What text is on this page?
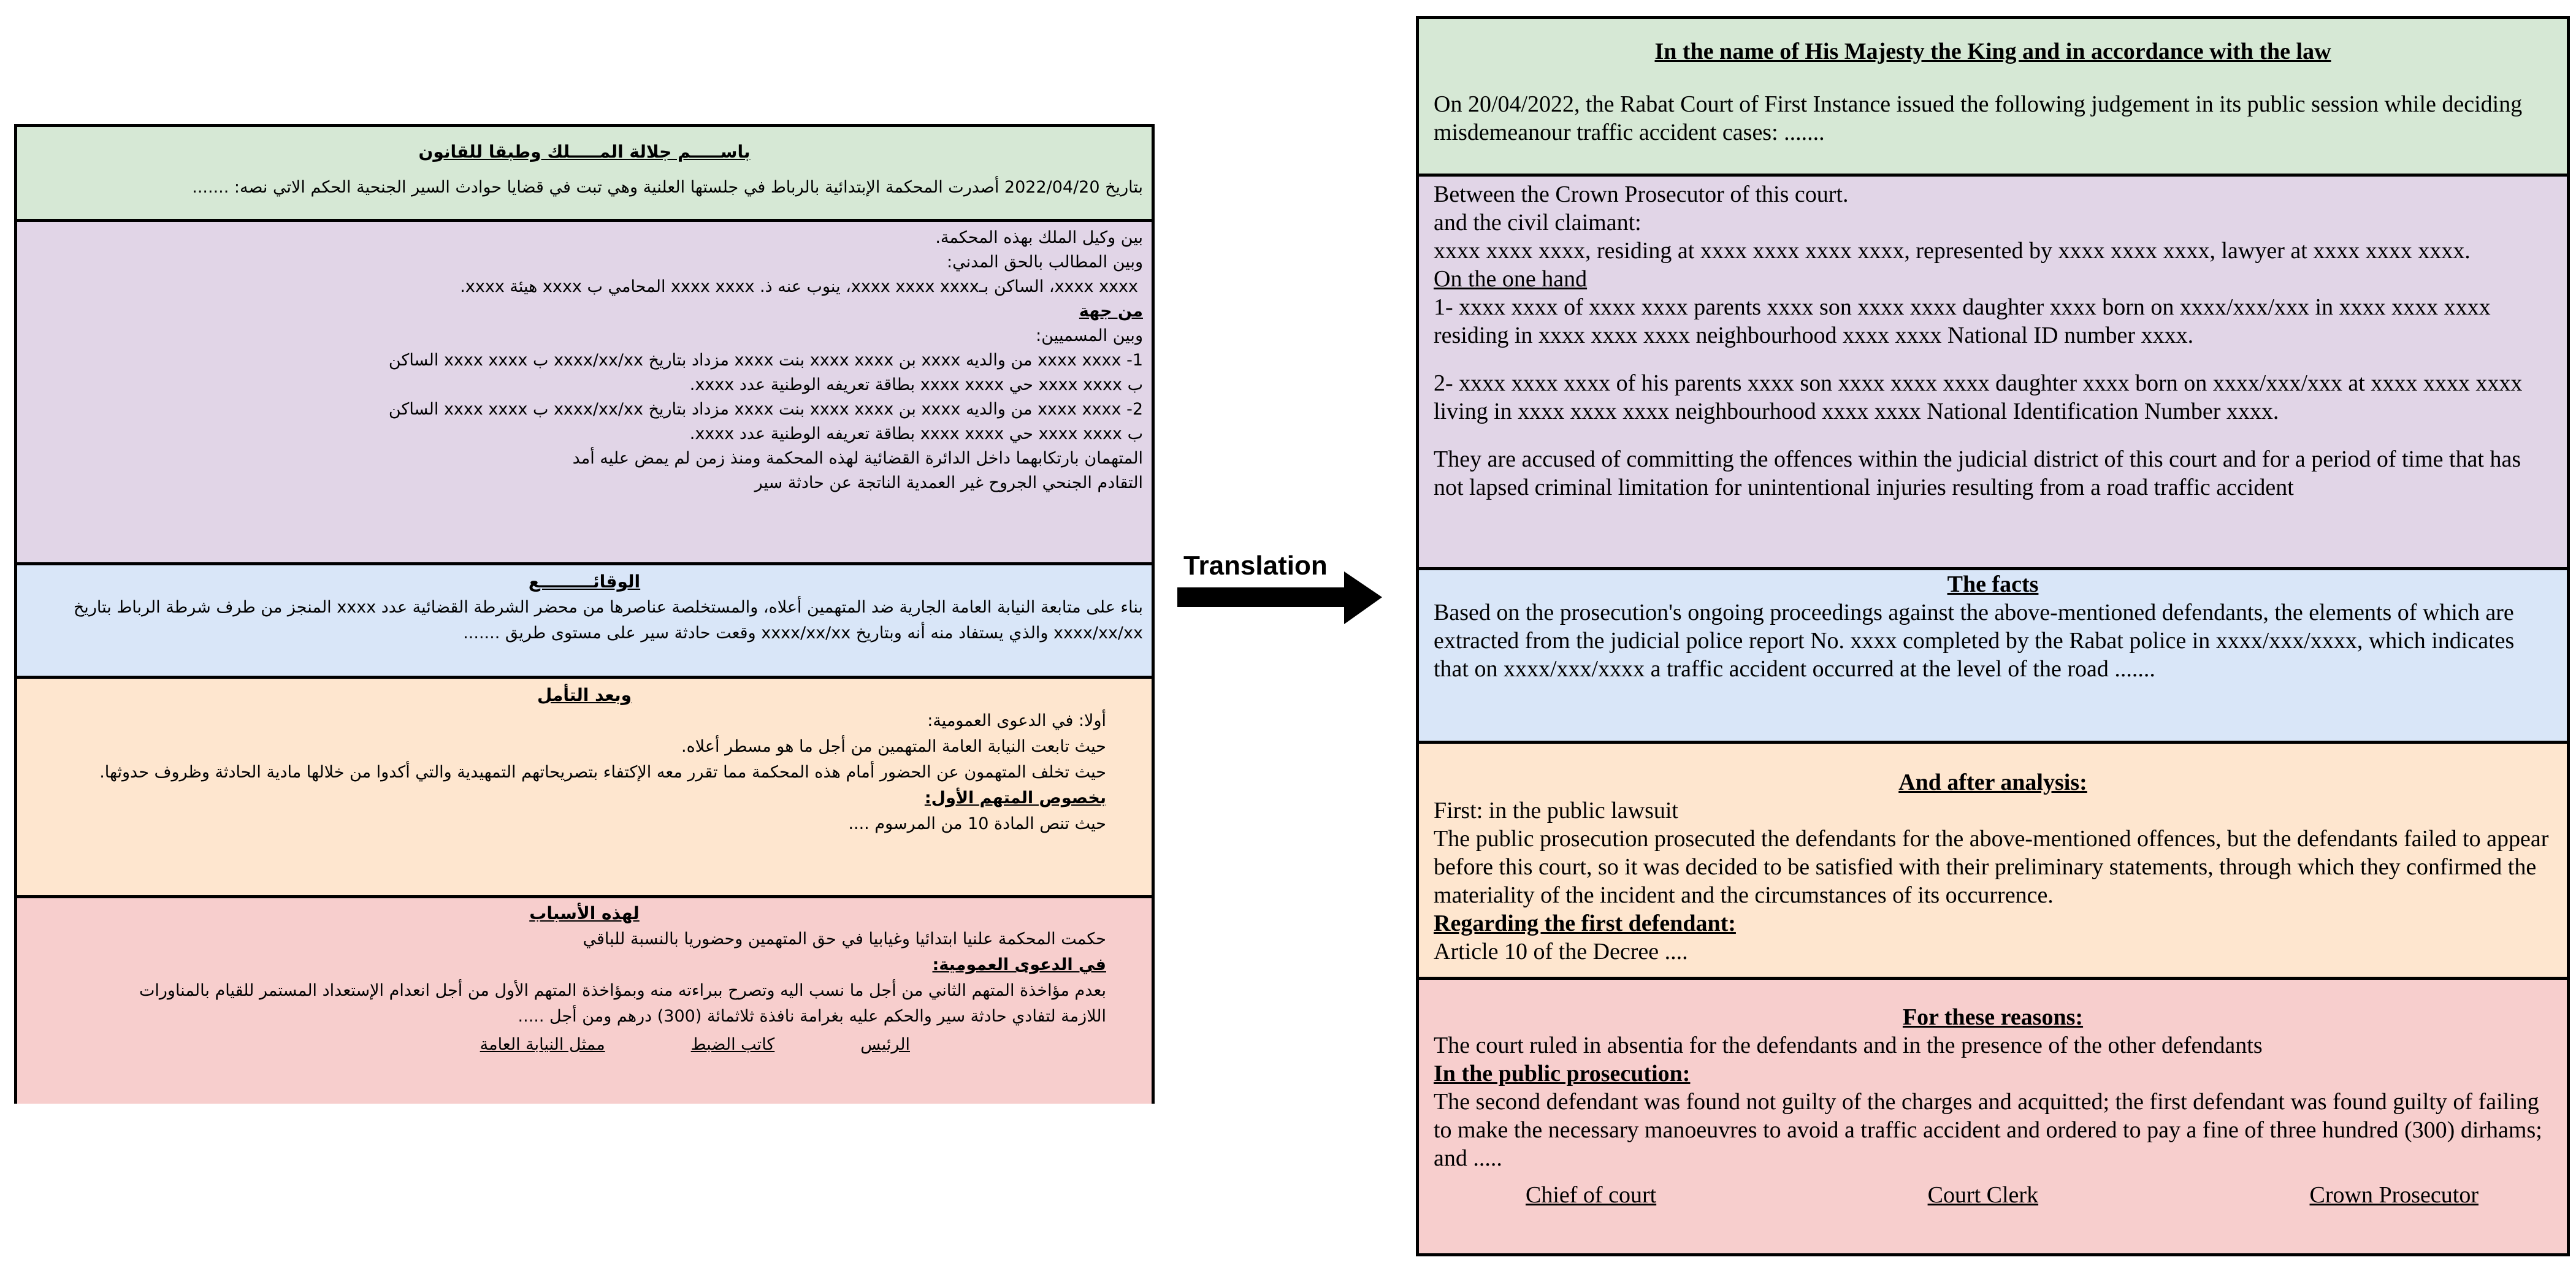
باســـــم جلالة المـــــلك وطبقا للقانون
بتاريخ 2022/04/20 أصدرت المحكمة الإبتدائية بالرباط في جلستها العلنية وهي تبت في قضايا حوادث السير الجنحية الحكم الاتي نصه: .......
بين وكيل الملك بهذه المحكمة.
وبين المطالب بالحق المدني:
xxxx xxxx، الساكن بـxxxx xxxx xxxx، ينوب عنه ذ. xxxx xxxx المحامي ب xxxx هيئة xxxx.
من جهة
وبين المسميين:
1- xxxx xxxx من والديه xxxx بن xxxx xxxx بنت xxxx مزداد بتاريخ xxxx/xx/xx ب xxxx xxxx الساكن
ب xxxx xxxx حي xxxx xxxx بطاقة تعريفه الوطنية عدد xxxx.
2- xxxx xxxx من والديه xxxx بن xxxx xxxx بنت xxxx مزداد بتاريخ xxxx/xx/xx ب xxxx xxxx الساكن
ب xxxx xxxx حي xxxx xxxx بطاقة تعريفه الوطنية عدد xxxx.
المتهمان بارتكابهما داخل الدائرة القضائية لهذه المحكمة ومنذ زمن لم يمض عليه أمد
التقادم الجنحي الجروح غير العمدية الناتجة عن حادثة سير
الوقائـــــــــع
بناء على متابعة النيابة العامة الجارية ضد المتهمين أعلاه، والمستخلصة عناصرها من محضر الشرطة القضائية عدد xxxx المنجز من طرف شرطة الرباط بتاريخ xxxx/xx/xx والذي يستفاد منه أنه وبتاريخ xxxx/xx/xx وقعت حادثة سير على مستوى طريق .......
وبعد التأمل
أولا: في الدعوى العمومية:
حيث تابعت النيابة العامة المتهمين من أجل ما هو مسطر أعلاه.
حيث تخلف المتهمون عن الحضور أمام هذه المحكمة مما تقرر معه الإكتفاء بتصريحاتهم التمهيدية والتي أكدوا من خلالها مادية الحادثة وظروف حدوثها.
بخصوص المتهم الأول:
حيث تنص المادة 10 من المرسوم ....
لهذه الأسباب
حكمت المحكمة علنيا ابتدائيا وغيابيا في حق المتهمين وحضوريا بالنسبة للباقي
في الدعوى العمومية:
بعدم مؤاخذة المتهم الثاني من أجل ما نسب اليه وتصرح ببراءته منه وبمؤاخذة المتهم الأول من أجل انعدام الإستعداد المستمر للقيام بالمناورات اللازمة لتفادي حادثة سير والحكم عليه بغرامة نافذة ثلاثمائة (300) درهم ومن أجل .....
الرئيس
كاتب الضبط
ممثل النيابة العامة
Translation
In the name of His Majesty the King and in accordance with the law
On 20/04/2022, the Rabat Court of First Instance issued the following judgement in its public session while deciding misdemeanour traffic accident cases: .......
Between the Crown Prosecutor of this court.
and the civil claimant:
xxxx xxxx xxxx, residing at xxxx xxxx xxxx xxxx, represented by xxxx xxxx xxxx, lawyer at xxxx xxxx xxxx.
On the one hand
1- xxxx xxxx of xxxx xxxx parents xxxx son xxxx xxxx daughter xxxx born on xxxx/xxx/xxx in xxxx xxxx xxxx residing in xxxx xxxx xxxx neighbourhood xxxx xxxx National ID number xxxx.
2- xxxx xxxx xxxx of his parents xxxx son xxxx xxxx xxxx daughter xxxx born on xxxx/xxx/xxx at xxxx xxxx xxxx living in xxxx xxxx xxxx neighbourhood xxxx xxxx National Identification Number xxxx.
They are accused of committing the offences within the judicial district of this court and for a period of time that has not lapsed criminal limitation for unintentional injuries resulting from a road traffic accident
The facts
Based on the prosecution's ongoing proceedings against the above-mentioned defendants, the elements of which are extracted from the judicial police report No. xxxx completed by the Rabat police in xxxx/xxx/xxxx, which indicates that on xxxx/xxx/xxxx a traffic accident occurred at the level of the road .......
And after analysis:
First: in the public lawsuit
The public prosecution prosecuted the defendants for the above-mentioned offences, but the defendants failed to appear before this court, so it was decided to be satisfied with their preliminary statements, through which they confirmed the materiality of the incident and the circumstances of its occurrence.
Regarding the first defendant:
Article 10 of the Decree ....
For these reasons:
The court ruled in absentia for the defendants and in the presence of the other defendants
In the public prosecution:
The second defendant was found not guilty of the charges and acquitted; the first defendant was found guilty of failing to make the necessary manoeuvres to avoid a traffic accident and ordered to pay a fine of three hundred (300) dirhams; and .....
Chief of court	Court Clerk	Crown Prosecutor
